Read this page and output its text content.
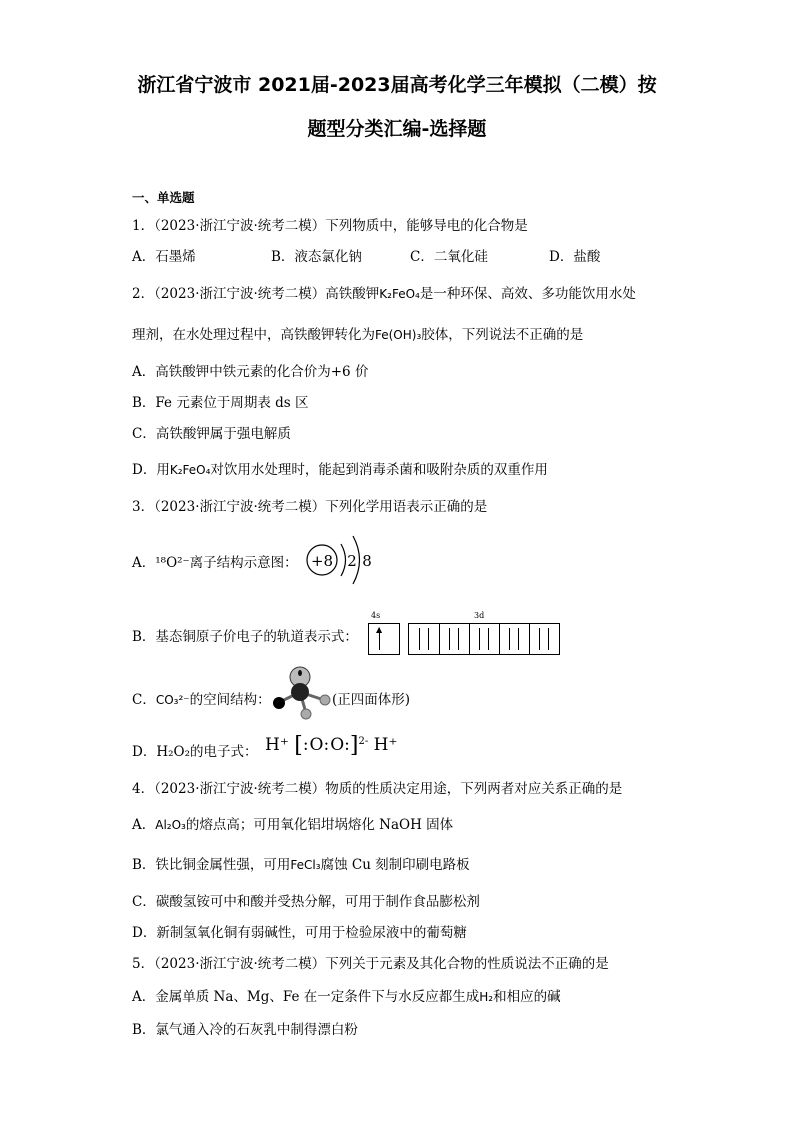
浙江省宁波市 2021届-2023届高考化学三年模拟（二模）按
题型分类汇编-选择题
一、单选题
1．（2023·浙江宁波·统考二模）下列物质中，能够导电的化合物是
A．石墨烯	B．液态氯化钠	C．二氧化硅	D．盐酸
2．（2023·浙江宁波·统考二模）高铁酸钾K₂FeO₄是一种环保、高效、多功能饮用水处
理剂，在水处理过程中，高铁酸钾转化为Fe(OH)₃胶体，下列说法不正确的是
A．高铁酸钾中铁元素的化合价为+6 价
B．Fe 元素位于周期表 ds 区
C．高铁酸钾属于强电解质
D．用K₂FeO₄对饮用水处理时，能起到消毒杀菌和吸附杂质的双重作用
3．（2023·浙江宁波·统考二模）下列化学用语表示正确的是
A．¹⁸O²⁻离子结构示意图： +8 2 8
B．基态铜原子价电子的轨道表示式：
4s	3d
▲
C．CO₃²⁻的空间结构：	(正四面体形)
D．H₂O₂的电子式： H⁺ [:O:O:]$^{2-}$ H⁺
4．（2023·浙江宁波·统考二模）物质的性质决定用途，下列两者对应关系正确的是
A．Al₂O₃的熔点高；可用氧化铝坩埚熔化 NaOH 固体
B．铁比铜金属性强，可用FeCl₃腐蚀 Cu 刻制印刷电路板
C．碳酸氢铵可中和酸并受热分解，可用于制作食品膨松剂
D．新制氢氧化铜有弱碱性，可用于检验尿液中的葡萄糖
5．（2023·浙江宁波·统考二模）下列关于元素及其化合物的性质说法不正确的是
A．金属单质 Na、Mg、Fe 在一定条件下与水反应都生成H₂和相应的碱
B．氯气通入冷的石灰乳中制得漂白粉
